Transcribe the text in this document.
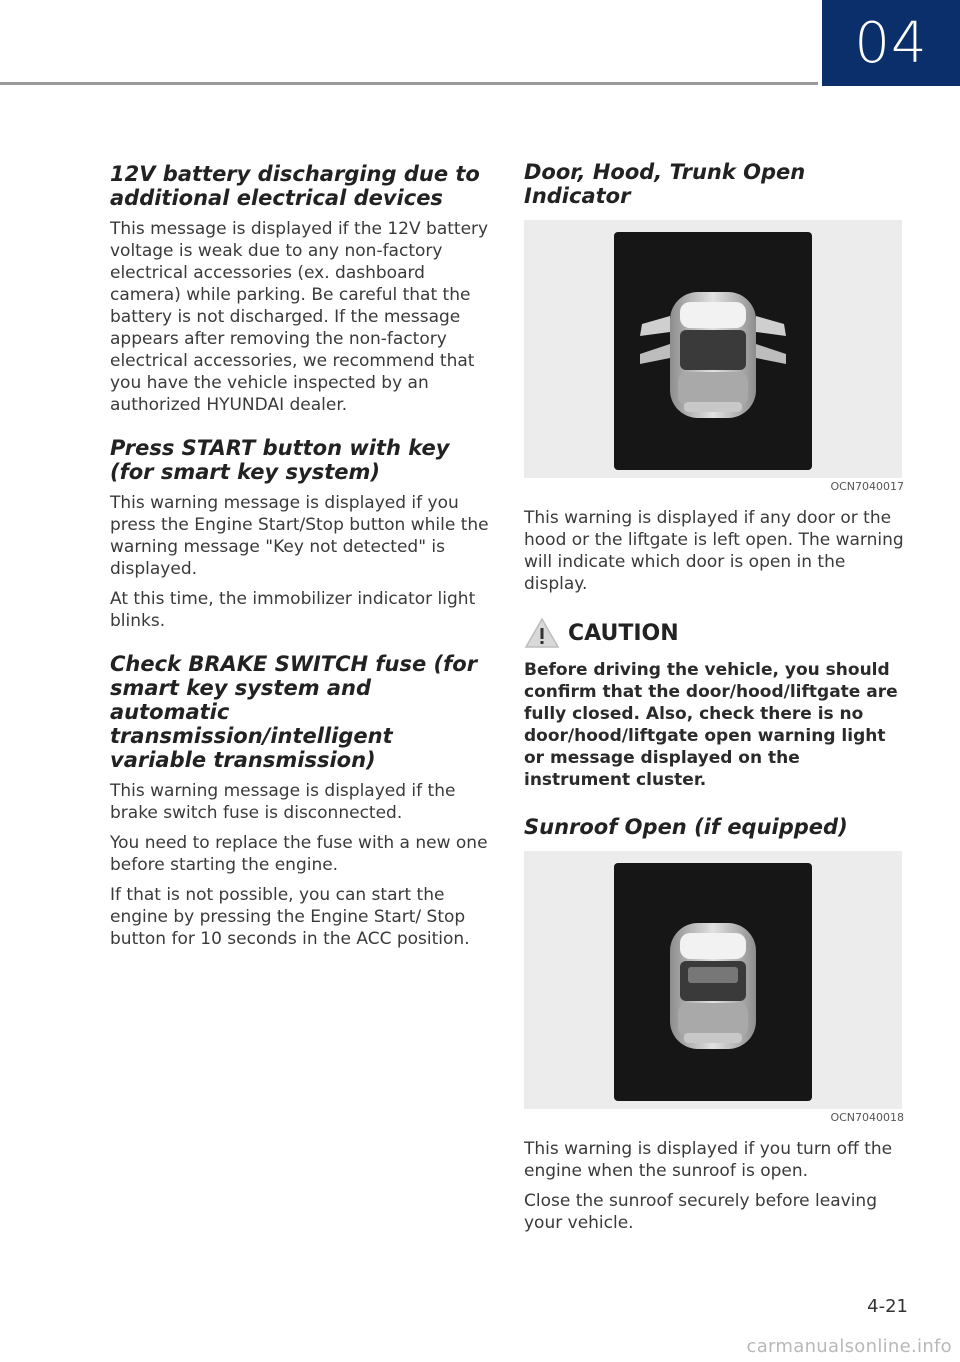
04
12V battery discharging due to additional electrical devices

This message is displayed if the 12V battery voltage is weak due to any non-factory electrical accessories (ex. dashboard camera) while parking. Be careful that the battery is not discharged. If the message appears after removing the non-factory electrical accessories, we recommend that you have the vehicle inspected by an authorized HYUNDAI dealer.

Press START button with key (for smart key system)

This warning message is displayed if you press the Engine Start/Stop button while the warning message "Key not detected" is displayed.

At this time, the immobilizer indicator light blinks.

Check BRAKE SWITCH fuse (for smart key system and automatic transmission/intelligent variable transmission)

This warning message is displayed if the brake switch fuse is disconnected.

You need to replace the fuse with a new one before starting the engine.

If that is not possible, you can start the engine by pressing the Engine Start/ Stop button for 10 seconds in the ACC position.

Door, Hood, Trunk Open Indicator
OCN7040017

This warning is displayed if any door or the hood or the liftgate is left open. The warning will indicate which door is open in the display.

CAUTION

Before driving the vehicle, you should confirm that the door/hood/liftgate are fully closed. Also, check there is no door/hood/liftgate open warning light or message displayed on the instrument cluster.

Sunroof Open (if equipped)
OCN7040018

This warning is displayed if you turn off the engine when the sunroof is open.

Close the sunroof securely before leaving your vehicle.

4-21
carmanualsonline.info
